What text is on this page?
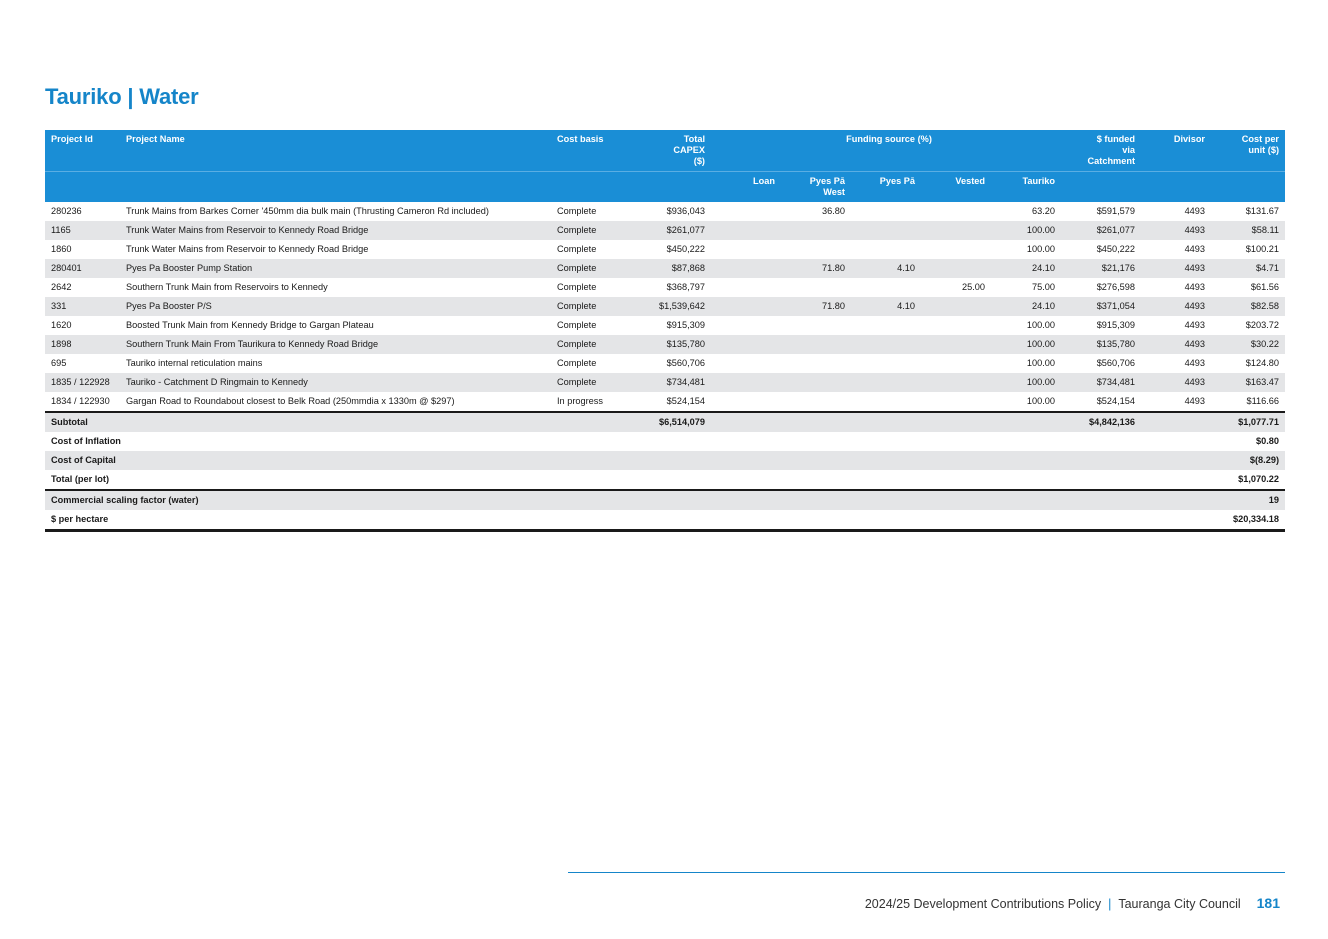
Tauriko | Water
Project Id	Project Name	Cost basis	Total CAPEX ($)	Funding source (%)					$ funded via Catchment	Divisor	Cost per unit ($)
				Loan	Pyes Pā West	Pyes Pā	Vested	Tauriko			
280236	Trunk Mains from Barkes Corner '450mm dia bulk main (Thrusting Cameron Rd included)	Complete	$936,043		36.80			63.20	$591,579	4493	$131.67
1165	Trunk Water Mains from Reservoir to Kennedy Road Bridge	Complete	$261,077					100.00	$261,077	4493	$58.11
1860	Trunk Water Mains from Reservoir to Kennedy Road Bridge	Complete	$450,222					100.00	$450,222	4493	$100.21
280401	Pyes Pa Booster Pump Station	Complete	$87,868		71.80	4.10		24.10	$21,176	4493	$4.71
2642	Southern Trunk Main from Reservoirs to Kennedy	Complete	$368,797				25.00	75.00	$276,598	4493	$61.56
331	Pyes Pa Booster P/S	Complete	$1,539,642		71.80	4.10		24.10	$371,054	4493	$82.58
1620	Boosted Trunk Main from Kennedy Bridge to Gargan Plateau	Complete	$915,309					100.00	$915,309	4493	$203.72
1898	Southern Trunk Main From Taurikura to Kennedy Road Bridge	Complete	$135,780					100.00	$135,780	4493	$30.22
695	Tauriko internal reticulation mains	Complete	$560,706					100.00	$560,706	4493	$124.80
1835 / 122928	Tauriko - Catchment D Ringmain to Kennedy	Complete	$734,481					100.00	$734,481	4493	$163.47
1834 / 122930	Gargan Road to Roundabout closest to Belk Road (250mmdia x 1330m @ $297)	In progress	$524,154					100.00	$524,154	4493	$116.66
Subtotal			$6,514,079						$4,842,136		$1,077.71
Cost of Inflation											$0.80
Cost of Capital											$(8.29)
Total (per lot)											$1,070.22
Commercial scaling factor (water)											19
$ per hectare											$20,334.18
2024/25 Development Contributions Policy | Tauranga City Council 181
